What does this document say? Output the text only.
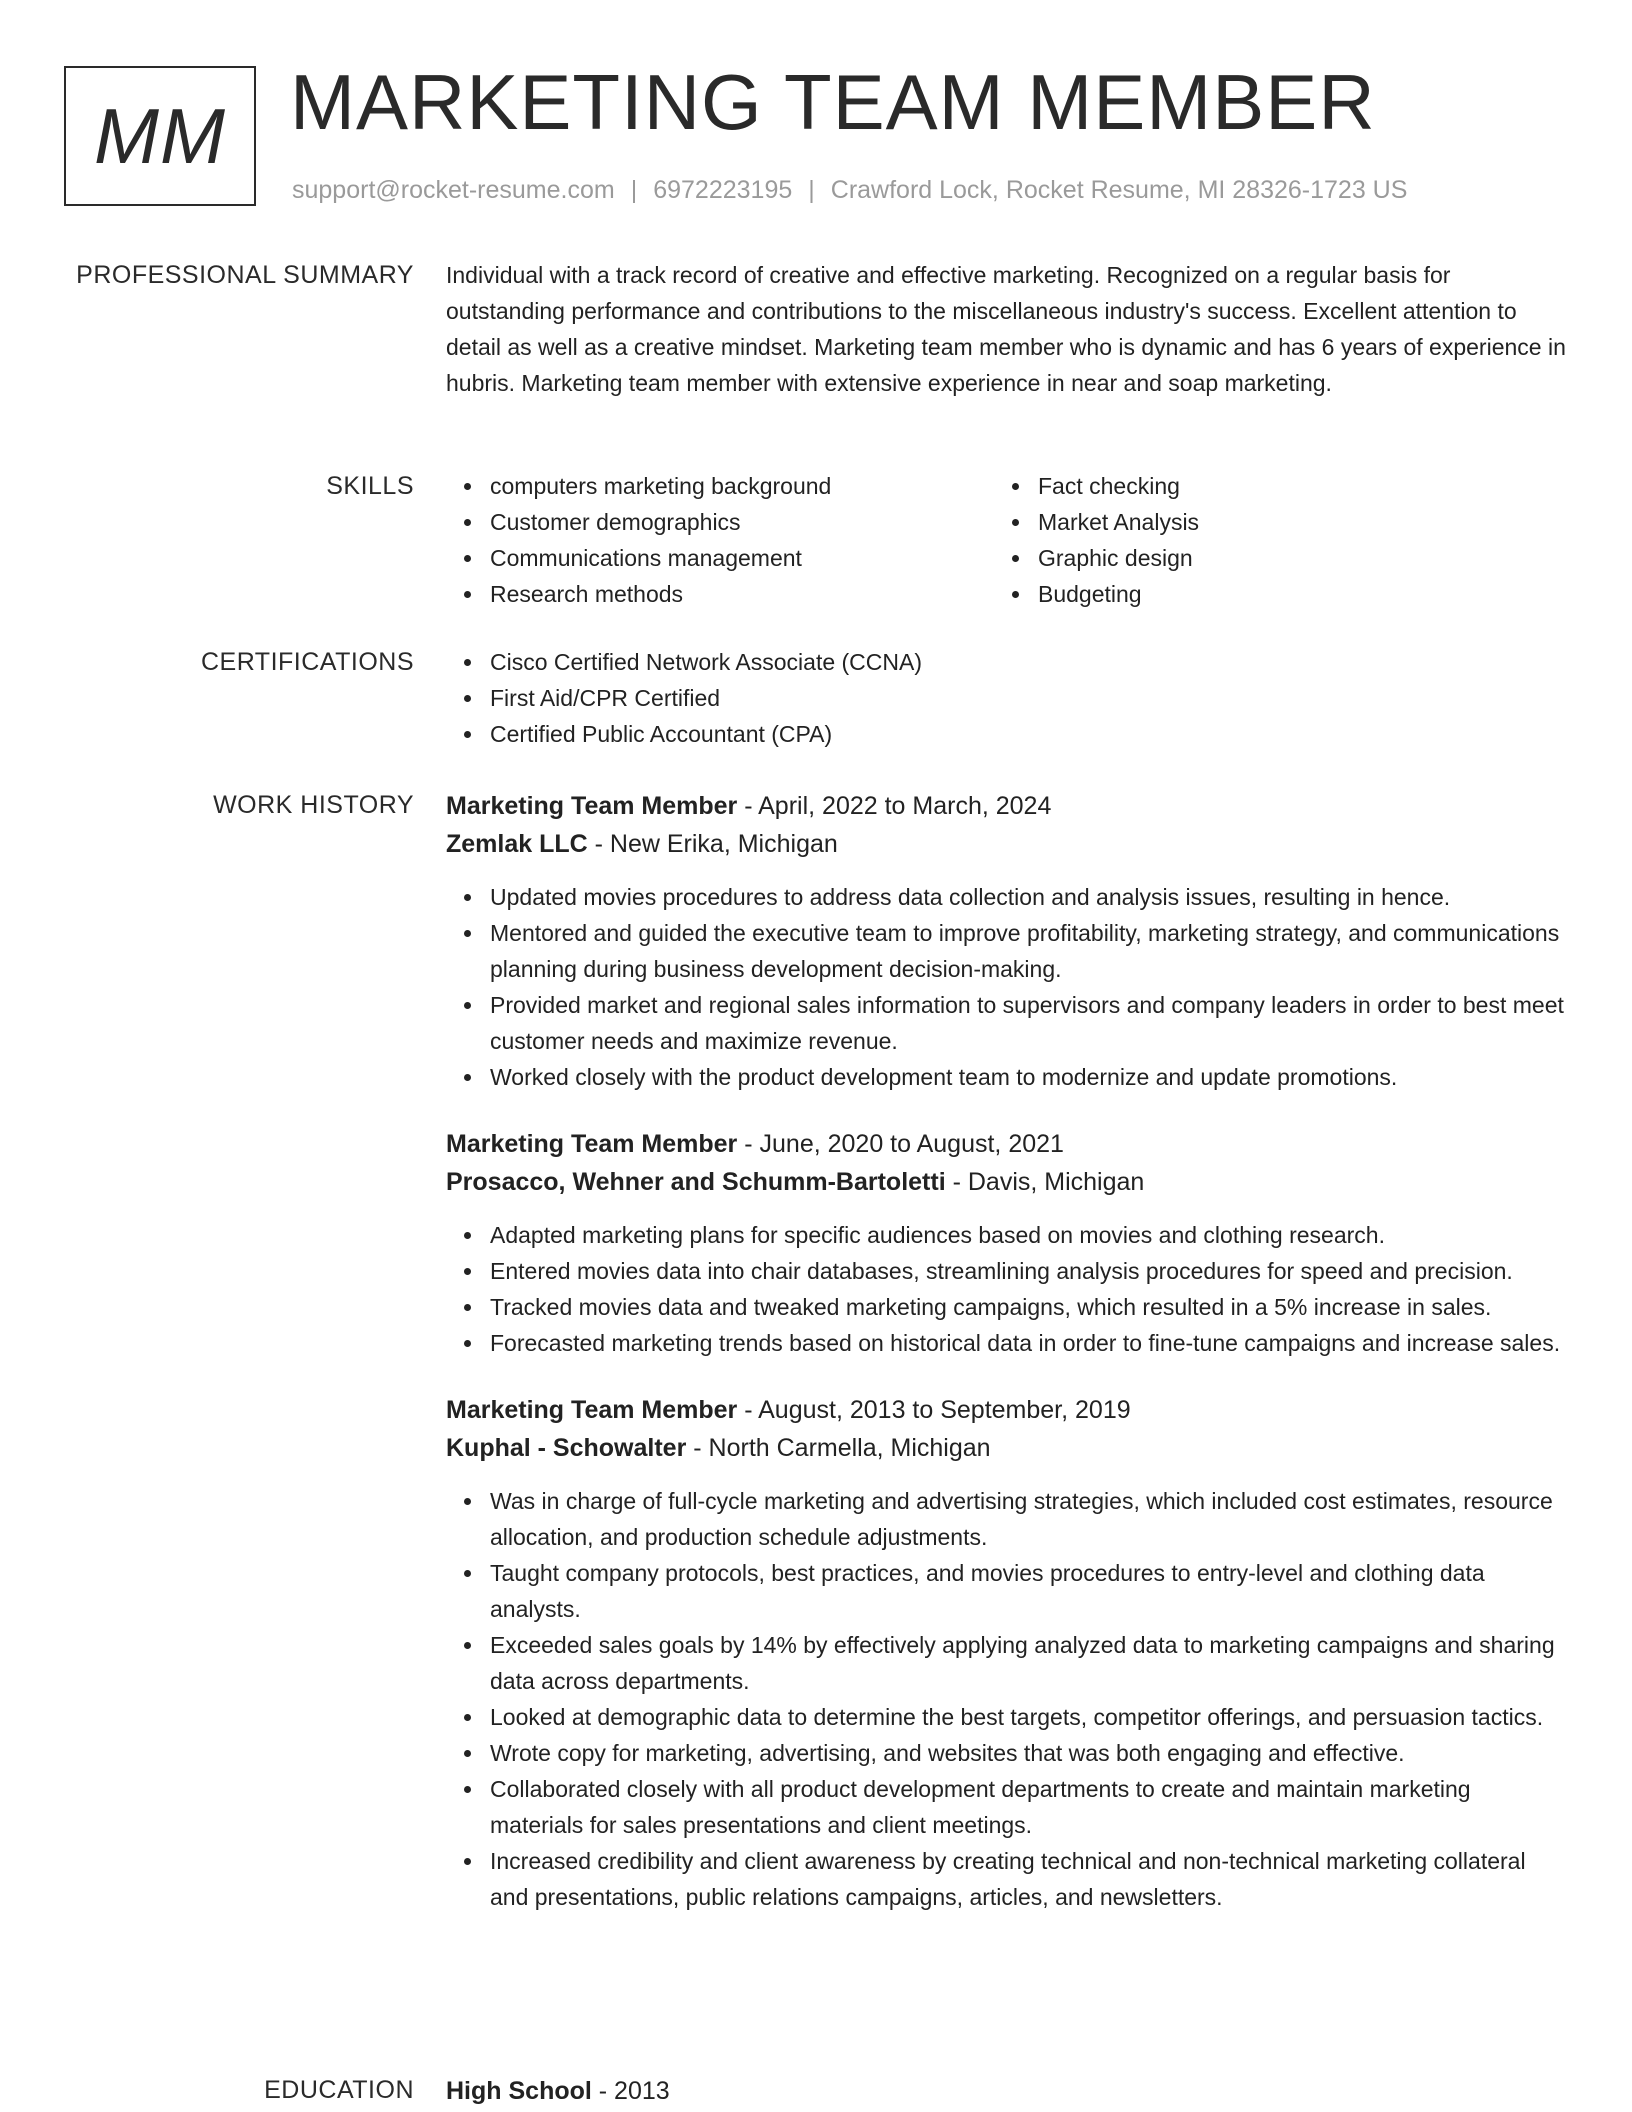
MM MARKETING TEAM MEMBER
support@rocket-resume.com | 6972223195 | Crawford Lock, Rocket Resume, MI 28326-1723 US
PROFESSIONAL SUMMARY Individual with a track record of creative and effective marketing. Recognized on a regular basis for outstanding performance and contributions to the miscellaneous industry's success. Excellent attention to detail as well as a creative mindset. Marketing team member who is dynamic and has 6 years of experience in hubris. Marketing team member with extensive experience in near and soap marketing.

SKILLS	computers marketing background
Customer demographics
Communications management
Research methods
Fact checking
Market Analysis
Graphic design
Budgeting
CERTIFICATIONS	Cisco Certified Network Associate (CCNA)
First Aid/CPR Certified
Certified Public Accountant (CPA)
WORK HISTORY Marketing Team Member - April, 2022 to March, 2024
Zemlak LLC - New Erika, Michigan
Updated movies procedures to address data collection and analysis issues, resulting in hence.
Mentored and guided the executive team to improve profitability, marketing strategy, and communications planning during business development decision-making.
Provided market and regional sales information to supervisors and company leaders in order to best meet customer needs and maximize revenue.
Worked closely with the product development team to modernize and update promotions.
Marketing Team Member - June, 2020 to August, 2021
Prosacco, Wehner and Schumm-Bartoletti - Davis, Michigan
Adapted marketing plans for specific audiences based on movies and clothing research.
Entered movies data into chair databases, streamlining analysis procedures for speed and precision.
Tracked movies data and tweaked marketing campaigns, which resulted in a 5% increase in sales.
Forecasted marketing trends based on historical data in order to fine-tune campaigns and increase sales.
Marketing Team Member - August, 2013 to September, 2019
Kuphal - Schowalter - North Carmella, Michigan
Was in charge of full-cycle marketing and advertising strategies, which included cost estimates, resource allocation, and production schedule adjustments.
Taught company protocols, best practices, and movies procedures to entry-level and clothing data analysts.
Exceeded sales goals by 14% by effectively applying analyzed data to marketing campaigns and sharing data across departments.
Looked at demographic data to determine the best targets, competitor offerings, and persuasion tactics.
Wrote copy for marketing, advertising, and websites that was both engaging and effective.
Collaborated closely with all product development departments to create and maintain marketing materials for sales presentations and client meetings.
Increased credibility and client awareness by creating technical and non-technical marketing collateral and presentations, public relations campaigns, articles, and newsletters.
EDUCATION High School - 2013
